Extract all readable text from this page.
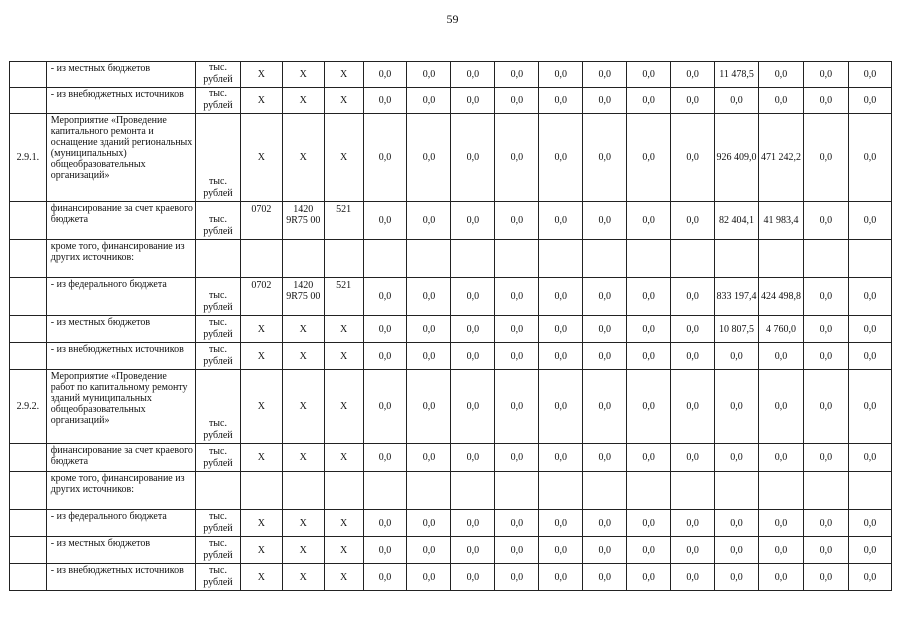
59
	- из местных бюджетов	тыс. рублей	X	X	X	0,0	0,0	0,0	0,0	0,0	0,0	0,0	0,0	11 478,5	0,0	0,0	0,0
	- из внебюджетных источников	тыс. рублей	X	X	X	0,0	0,0	0,0	0,0	0,0	0,0	0,0	0,0	0,0	0,0	0,0	0,0
2.9.1.	Мероприятие «Проведение капитального ремонта и оснащение зданий региональных (муниципальных) общеобразовательных организаций»	тыс. рублей	X	X	X	0,0	0,0	0,0	0,0	0,0	0,0	0,0	0,0	926 409,0	471 242,2	0,0	0,0
	финансирование за счет краевого бюджета	тыс. рублей	0702	1420 9R75 00	521	0,0	0,0	0,0	0,0	0,0	0,0	0,0	0,0	82 404,1	41 983,4	0,0	0,0
	кроме того, финансирование из других источников:																
	- из федерального бюджета	тыс. рублей	0702	1420 9R75 00	521	0,0	0,0	0,0	0,0	0,0	0,0	0,0	0,0	833 197,4	424 498,8	0,0	0,0
	- из местных бюджетов	тыс. рублей	X	X	X	0,0	0,0	0,0	0,0	0,0	0,0	0,0	0,0	10 807,5	4 760,0	0,0	0,0
	- из внебюджетных источников	тыс. рублей	X	X	X	0,0	0,0	0,0	0,0	0,0	0,0	0,0	0,0	0,0	0,0	0,0	0,0
2.9.2.	Мероприятие «Проведение работ по капитальному ремонту зданий муниципальных общеобразовательных организаций»	тыс. рублей	X	X	X	0,0	0,0	0,0	0,0	0,0	0,0	0,0	0,0	0,0	0,0	0,0	0,0
	финансирование за счет краевого бюджета	тыс. рублей	X	X	X	0,0	0,0	0,0	0,0	0,0	0,0	0,0	0,0	0,0	0,0	0,0	0,0
	кроме того, финансирование из других источников:																
	- из федерального бюджета	тыс. рублей	X	X	X	0,0	0,0	0,0	0,0	0,0	0,0	0,0	0,0	0,0	0,0	0,0	0,0
	- из местных бюджетов	тыс. рублей	X	X	X	0,0	0,0	0,0	0,0	0,0	0,0	0,0	0,0	0,0	0,0	0,0	0,0
	- из внебюджетных источников	тыс. рублей	X	X	X	0,0	0,0	0,0	0,0	0,0	0,0	0,0	0,0	0,0	0,0	0,0	0,0
